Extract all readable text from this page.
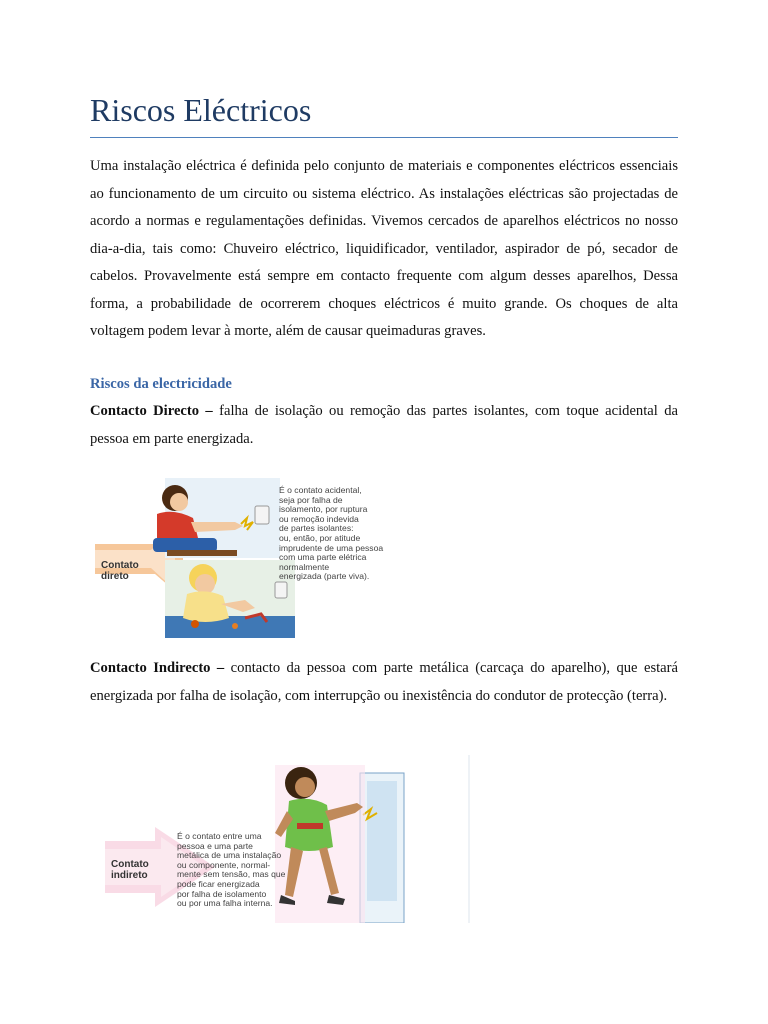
Riscos Eléctricos

Uma instalação eléctrica é definida pelo conjunto de materiais e componentes eléctricos essenciais ao funcionamento de um circuito ou sistema eléctrico. As instalações eléctricas são projectadas de acordo a normas e regulamentações definidas. Vivemos cercados de aparelhos eléctricos no nosso dia-a-dia, tais como: Chuveiro eléctrico, liquidificador, ventilador, aspirador de pó, secador de cabelos. Provavelmente está sempre em contacto frequente com algum desses aparelhos, Dessa forma, a probabilidade de ocorrerem choques eléctricos é muito grande. Os choques de alta voltagem podem levar à morte, além de causar queimaduras graves.

Riscos da electricidade

Contacto Directo – falha de isolação ou remoção das partes isolantes, com toque acidental da pessoa em parte energizada.

Contato
direto
É o contato acidental,
seja por falha de
isolamento, por ruptura
ou remoção indevida
de partes isolantes:
ou, então, por atitude
imprudente de uma pessoa
com uma parte elétrica
normalmente
energizada (parte viva).

Contacto Indirecto – contacto da pessoa com parte metálica (carcaça do aparelho), que estará energizada por falha de isolação, com interrupção ou inexistência do condutor de protecção (terra).

Contato
indireto
É o contato entre uma
pessoa e uma parte
metálica de uma instalação
ou componente, normal-
mente sem tensão, mas que
pode ficar energizada
por falha de isolamento
ou por uma falha interna.
